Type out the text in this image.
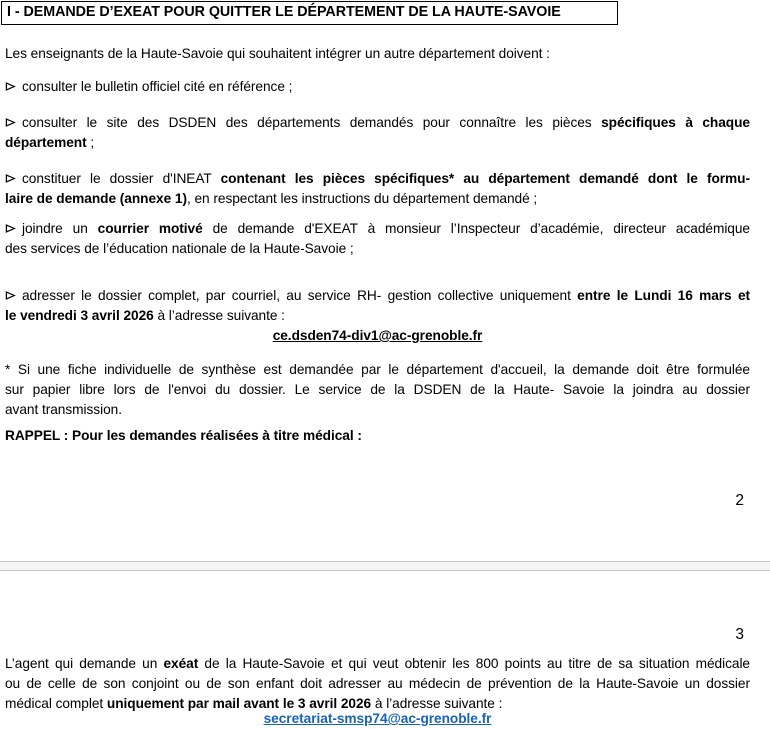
I - DEMANDE D’EXEAT POUR QUITTER LE DÉPARTEMENT DE LA HAUTE-SAVOIE

Les enseignants de la Haute-Savoie qui souhaitent intégrer un autre département doivent :

consulter le bulletin officiel cité en référence ;

consulter le site des DSDEN des départements demandés pour connaître les pièces spécifiques à chaque
département ;

constituer le dossier d'INEAT contenant les pièces spécifiques* au département demandé dont le formu-
laire de demande (annexe 1), en respectant les instructions du département demandé ;

joindre un courrier motivé de demande d'EXEAT à monsieur l’Inspecteur d’académie, directeur académique
des services de l’éducation nationale de la Haute-Savoie ;

adresser le dossier complet, par courriel, au service RH- gestion collective uniquement entre le Lundi 16 mars et
le vendredi 3 avril 2026 à l’adresse suivante :
ce.dsden74-div1@ac-grenoble.fr

* Si une fiche individuelle de synthèse est demandée par le département d'accueil, la demande doit être formulée
sur papier libre lors de l'envoi du dossier. Le service de la DSDEN de la Haute- Savoie la joindra au dossier
avant transmission.

RAPPEL : Pour les demandes réalisées à titre médical :

2
3

L’agent qui demande un exéat de la Haute-Savoie et qui veut obtenir les 800 points au titre de sa situation médicale
ou de celle de son conjoint ou de son enfant doit adresser au médecin de prévention de la Haute-Savoie un dossier
médical complet uniquement par mail avant le 3 avril 2026 à l’adresse suivante :
secretariat-smsp74@ac-grenoble.fr
